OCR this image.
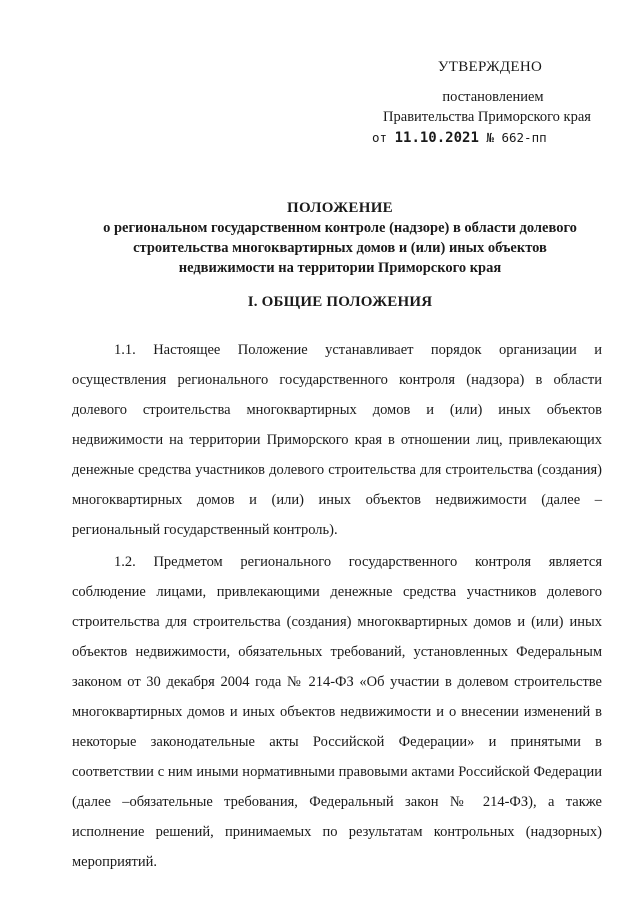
УТВЕРЖДЕНО
постановлением
Правительства Приморского края
от 11.10.2021 № 662-пп
ПОЛОЖЕНИЕ
о региональном государственном контроле (надзоре) в области долевого
строительства многоквартирных домов и (или) иных объектов
недвижимости на территории Приморского края
I. ОБЩИЕ ПОЛОЖЕНИЯ

1.1. Настоящее Положение устанавливает порядок организации и осуществления регионального государственного контроля (надзора) в области долевого строительства многоквартирных домов и (или) иных объектов недвижимости на территории Приморского края в отношении лиц, привлекающих денежные средства участников долевого строительства для строительства (создания) многоквартирных домов и (или) иных объектов недвижимости (далее – региональный государственный контроль).

1.2. Предметом регионального государственного контроля является соблюдение лицами, привлекающими денежные средства участников долевого строительства для строительства (создания) многоквартирных домов и (или) иных объектов недвижимости, обязательных требований, установленных Федеральным законом от 30 декабря 2004 года № 214-ФЗ «Об участии в долевом строительстве многоквартирных домов и иных объектов недвижимости и о внесении изменений в некоторые законодательные акты Российской Федерации» и принятыми в соответствии с ним иными нормативными правовыми актами Российской Федерации (далее –обязательные требования, Федеральный закон № 214-ФЗ), а также исполнение решений, принимаемых по результатам контрольных (надзорных) мероприятий.
